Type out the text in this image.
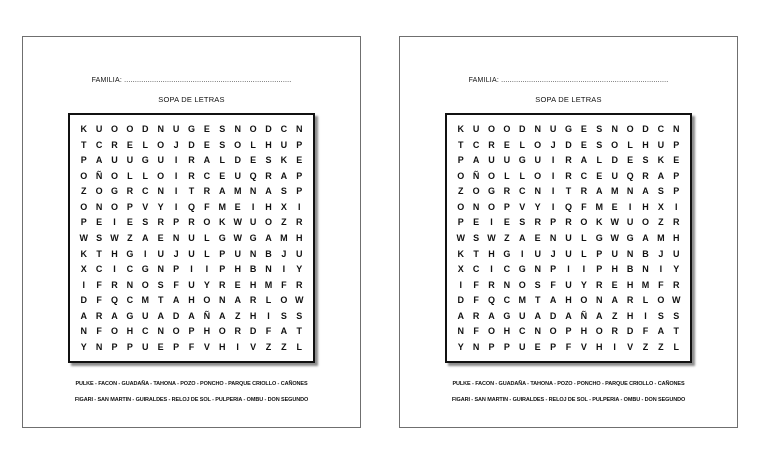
FAMILIA: ..............................................................................
SOPA DE LETRAS
K U O O D N U G E	S	N O D C N
T	C R	E	L	O	J	D	E	S O	L	H U	P
P	A U U G U	I	R A	L	D	E	S	K	E
O Ñ O	L	L	O	I	R C	E	U Q R A	P
Z	O G R C N	I	T	R A M N A	S	P
O N O P	V	Y	I	Q	F M E	I	H	X	I
P	E	I	E	S	R	P	R O K W U O	Z	R
W S W Z	A	E	N U	L	G W G A M H
K	T	H G	I	U	J	U	L	P	U N B	J	U
X	C	I	C G N	P	I	I	P	H B N	I	Y
I	F	R N O S	F	U	Y	R	E	H M F	R
D	F	Q C M T	A H O N A R	L	O W
A R A G U A D A Ñ A	Z	H	I	S	S
N	F	O H C N O P	H O R D	F	A	T
Y	N	P	P	U	E	P	F	V	H	I	V	Z	Z	L
PULKE - FACON - GUADAÑA - TAHONA - POZO - PONCHO - PARQUE CRIOLLO - CAÑONES
FIGARI - SAN MARTIN - GUIRALDES - RELOJ DE SOL - PULPERIA - OMBU - DON SEGUNDO
FAMILIA: ..............................................................................
SOPA DE LETRAS
K U O O D N U G E	S	N O D C N
T	C R	E	L	O	J	D	E	S O	L	H U	P
P	A U U G U	I	R A	L	D	E	S	K	E
O Ñ O	L	L	O	I	R C	E	U Q R A	P
Z	O G R C N	I	T	R A M N A	S	P
O N O P	V	Y	I	Q	F M E	I	H	X	I
P	E	I	E	S	R	P	R O K W U O	Z	R
W S W Z	A	E	N U	L	G W G A M H
K	T	H G	I	U	J	U	L	P	U N B	J	U
X	C	I	C G N	P	I	I	P	H B N	I	Y
I	F	R N O S	F	U	Y	R	E	H M F	R
D	F	Q C M T	A H O N A R	L	O W
A R A G U A D A Ñ A	Z	H	I	S	S
N	F	O H C N O P	H O R D	F	A	T
Y	N	P	P	U	E	P	F	V	H	I	V	Z	Z	L
PULKE - FACON - GUADAÑA - TAHONA - POZO - PONCHO - PARQUE CRIOLLO - CAÑONES
FIGARI - SAN MARTIN - GUIRALDES - RELOJ DE SOL - PULPERIA - OMBU - DON SEGUNDO
